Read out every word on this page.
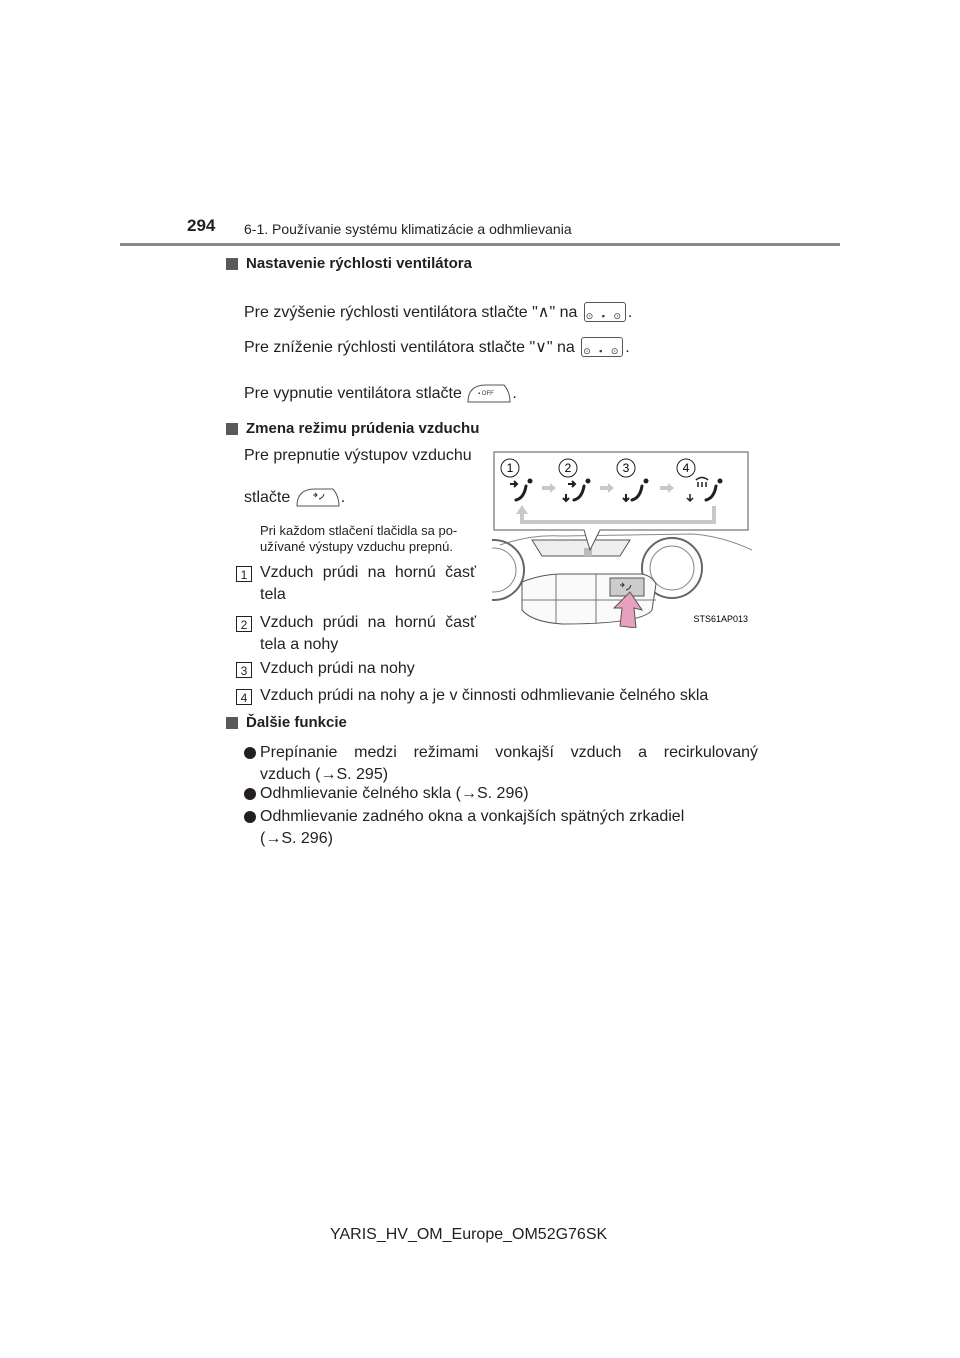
294 6-1. Používanie systému klimatizácie a odhmlievania
Nastavenie rýchlosti ventilátora
Pre zvýšenie rýchlosti ventilátora stlačte "∧" na ⊙ ▪ ⊙ .
Pre zníženie rýchlosti ventilátora stlačte "∨" na ⊙ ▪ ⊙ .
Pre vypnutie ventilátora stlačte	▪ OFF .
Zmena režimu prúdenia vzduchu
Pre prepnutie výstupov vzduchu
stlačte	.
Pri každom stlačení tlačidla sa po-
užívané výstupy vzduchu prepnú.
1 Vzduch prúdi na hornú časť
tela
2 Vzduch prúdi na hornú časť
tela a nohy
3 Vzduch prúdi na nohy
4 Vzduch prúdi na nohy a je v činnosti odhmlievanie čelného skla
1	2	3	4
STS61AP013
Ďalšie funkcie
Prepínanie medzi režimami vonkajší vzduch a recirkulovaný
vzduch (→S. 295)
Odhmlievanie čelného skla (→S. 296)
Odhmlievanie zadného okna a vonkajších spätných zrkadiel
(→S. 296)
YARIS_HV_OM_Europe_OM52G76SK
